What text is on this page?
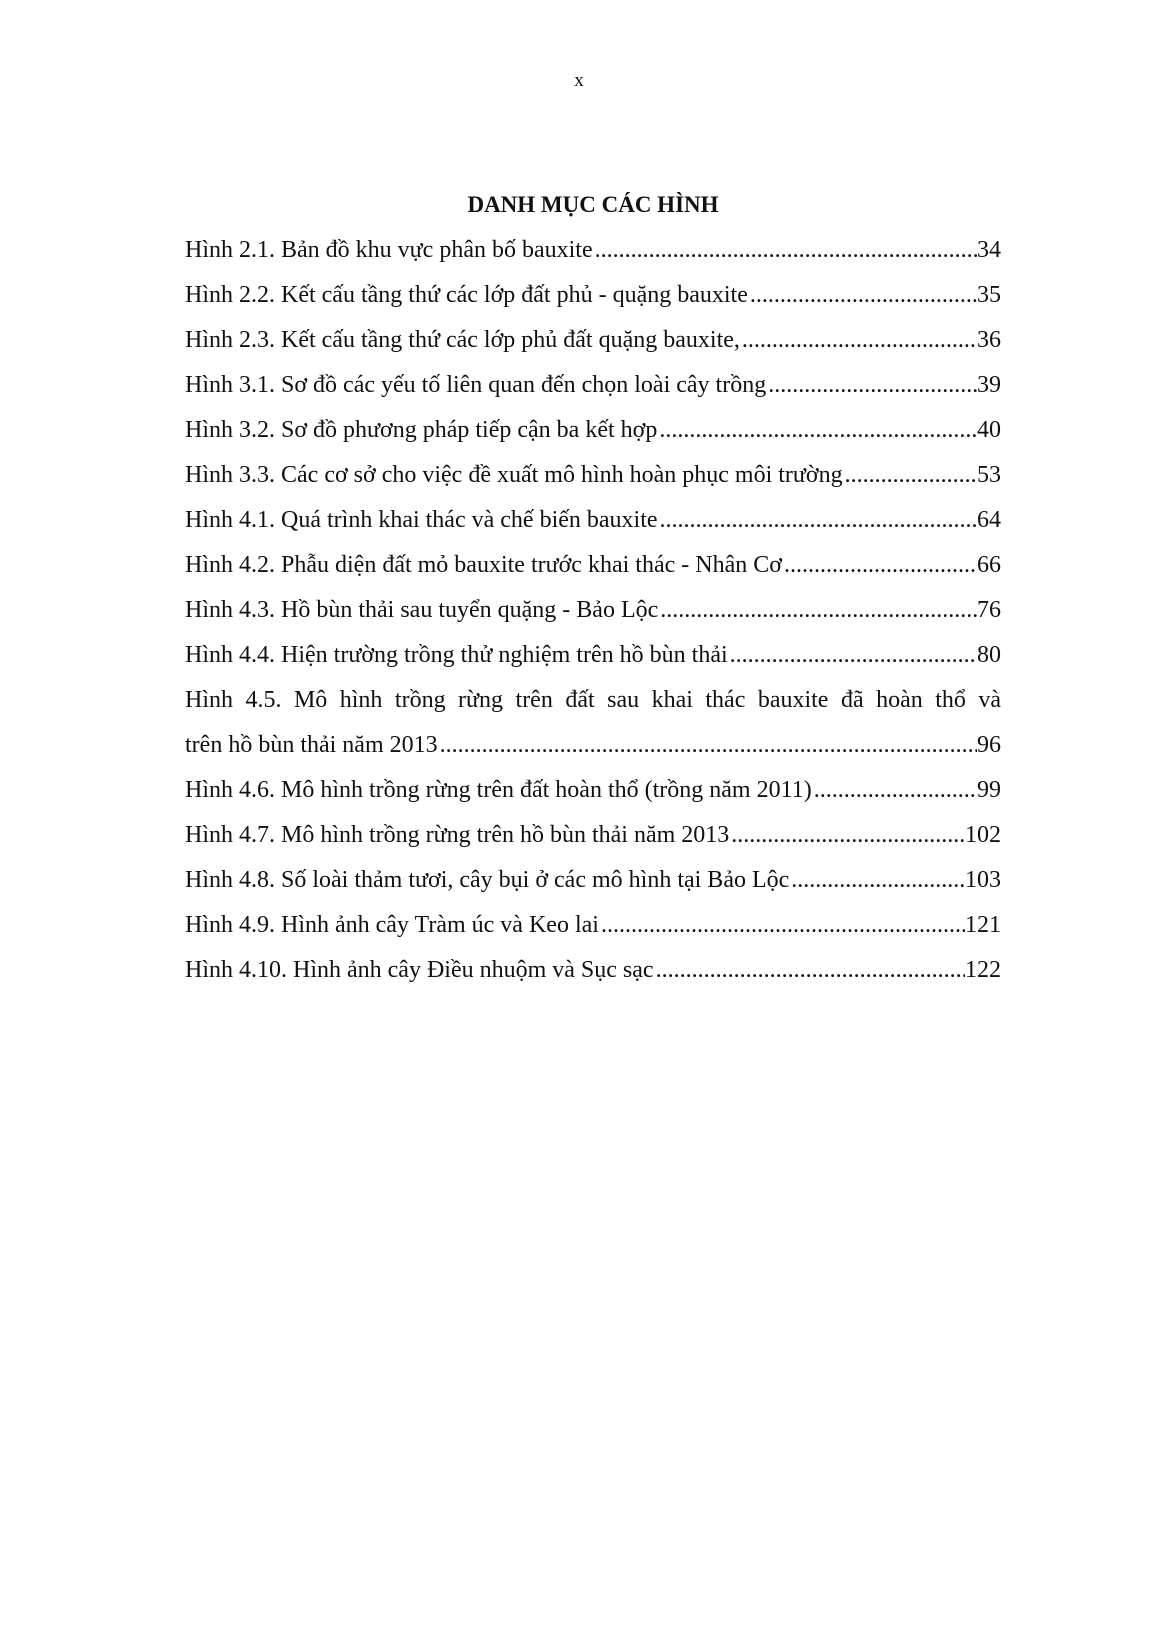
x
DANH MỤC CÁC HÌNH
Hình 2.1. Bản đồ khu vực phân bố bauxite .....	34
Hình 2.2. Kết cấu tầng thứ các lớp đất phủ - quặng bauxite .....	35
Hình 2.3. Kết cấu tầng thứ các lớp phủ đất quặng bauxite, .....	36
Hình 3.1. Sơ đồ các yếu tố liên quan đến chọn loài cây trồng .....	39
Hình 3.2. Sơ đồ phương pháp tiếp cận ba kết hợp .....	40
Hình 3.3. Các cơ sở cho việc đề xuất mô hình hoàn phục môi trường .....	53
Hình 4.1. Quá trình khai thác và chế biến bauxite .....	64
Hình 4.2. Phẫu diện đất mỏ bauxite trước khai thác - Nhân Cơ .....	66
Hình 4.3. Hồ bùn thải sau tuyển quặng - Bảo Lộc .....	76
Hình 4.4. Hiện trường trồng thử nghiệm trên hồ bùn thải .....	80
Hình 4.5. Mô hình trồng rừng trên đất sau khai thác bauxite đã hoàn thổ và
trên hồ bùn thải năm 2013 .....	96
Hình 4.6. Mô hình trồng rừng trên đất hoàn thổ (trồng năm 2011) .....	99
Hình 4.7. Mô hình trồng rừng trên hồ bùn thải năm 2013 .....	102
Hình 4.8. Số loài thảm tươi, cây bụi ở các mô hình tại Bảo Lộc .....	103
Hình 4.9. Hình ảnh cây Tràm úc và Keo lai .....	121
Hình 4.10. Hình ảnh cây Điều nhuộm và Sục sạc .....	122
